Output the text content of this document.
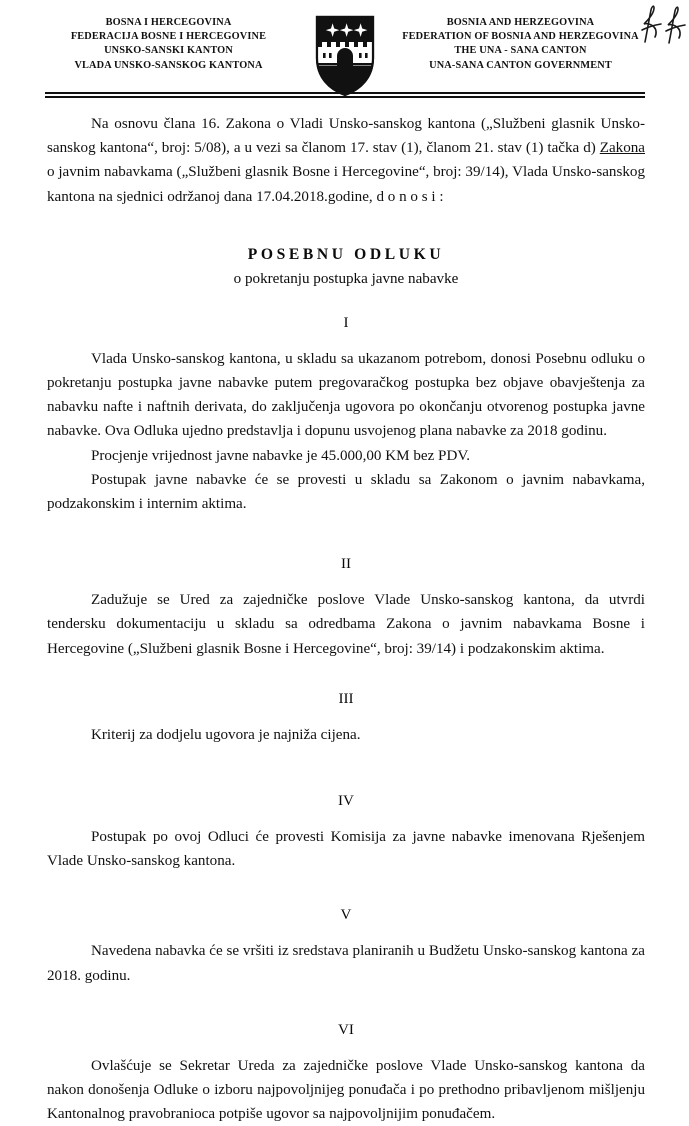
BOSNA I HERCEGOVINA
FEDERACIJA BOSNE I HERCEGOVINE
UNSKO-SANSKI KANTON
VLADA UNSKO-SANSKOG KANTONA
BOSNIA AND HERZEGOVINA
FEDERATION OF BOSNIA AND HERZEGOVINA
THE UNA - SANA CANTON
UNA-SANA CANTON GOVERNMENT

Na osnovu člana 16. Zakona o Vladi Unsko-sanskog kantona („Službeni glasnik Unsko-sanskog kantona“, broj: 5/08), a u vezi sa članom 17. stav (1), članom 21. stav (1) tačka d) Zakona o javnim nabavkama („Službeni glasnik Bosne i Hercegovine“, broj: 39/14), Vlada Unsko-sanskog kantona na sjednici održanoj dana 17.04.2018.godine, d o n o s i :

POSEBNU ODLUKU

o pokretanju postupka javne nabavke

I

Vlada Unsko-sanskog kantona, u skladu sa ukazanom potrebom, donosi Posebnu odluku o pokretanju postupka javne nabavke putem pregovaračkog postupka bez objave obavještenja za nabavku nafte i naftnih derivata, do zaključenja ugovora po okončanju otvorenog postupka javne nabavke. Ova Odluka ujedno predstavlja i dopunu usvojenog plana nabavke za 2018 godinu.

Procjenje vrijednost javne nabavke je 45.000,00 KM bez PDV.

Postupak javne nabavke će se provesti u skladu sa Zakonom o javnim nabavkama, podzakonskim i internim aktima.

II

Zadužuje se Ured za zajedničke poslove Vlade Unsko-sanskog kantona, da utvrdi tendersku dokumentaciju u skladu sa odredbama Zakona o javnim nabavkama Bosne i Hercegovine („Službeni glasnik Bosne i Hercegovine“, broj: 39/14) i podzakonskim aktima.

III

Kriterij za dodjelu ugovora je najniža cijena.

IV

Postupak po ovoj Odluci će provesti Komisija za javne nabavke imenovana Rješenjem Vlade Unsko-sanskog kantona.

V

Navedena nabavka će se vršiti iz sredstava planiranih u Budžetu Unsko-sanskog kantona za 2018. godinu.

VI

Ovlašćuje se Sekretar Ureda za zajedničke poslove Vlade Unsko-sanskog kantona da nakon donošenja Odluke o izboru najpovoljnijeg ponuđača i po prethodno pribavljenom mišljenju Kantonalnog pravobranioca potpiše ugovor sa najpovoljnijim ponuđačem.
